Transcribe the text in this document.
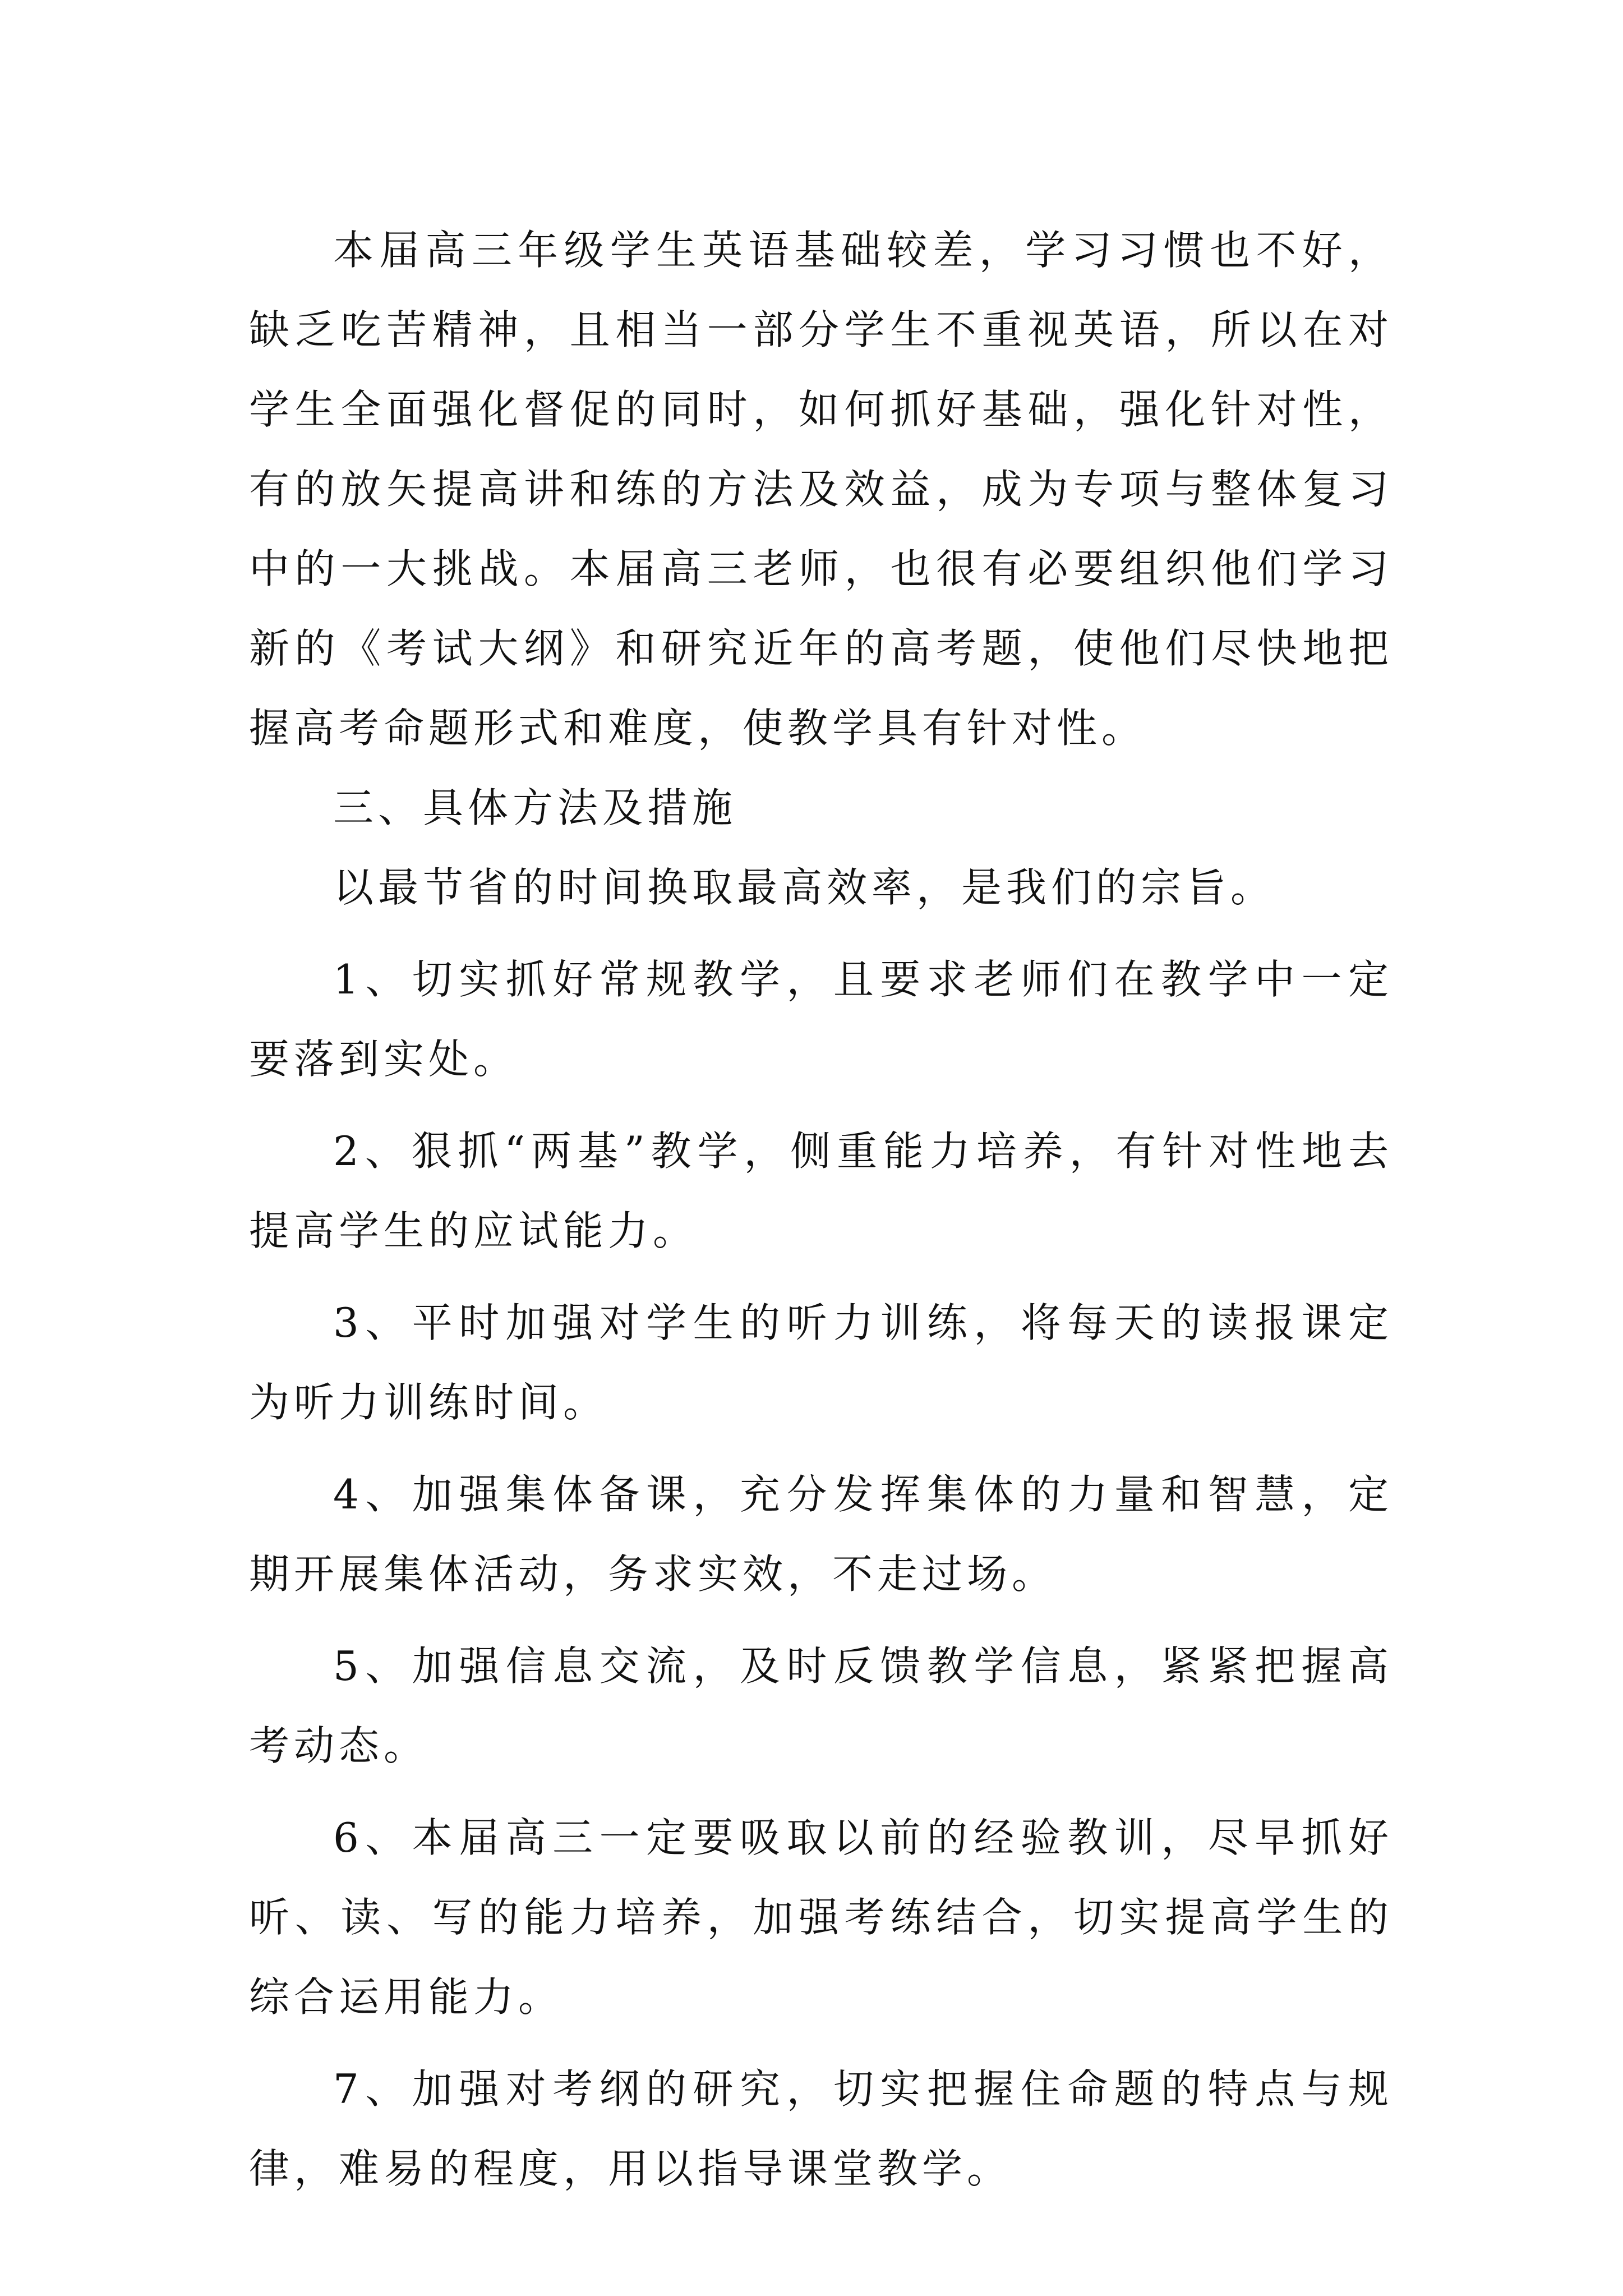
本届高三年级学生英语基础较差，学习习惯也不好，缺乏吃苦精神，且相当一部分学生不重视英语，所以在对学生全面强化督促的同时，如何抓好基础，强化针对性，有的放矢提高讲和练的方法及效益，成为专项与整体复习中的一大挑战。本届高三老师，也很有必要组织他们学习新的《考试大纲》和研究近年的高考题，使他们尽快地把握高考命题形式和难度，使教学具有针对性。

三、具体方法及措施

以最节省的时间换取最高效率，是我们的宗旨。

1、切实抓好常规教学，且要求老师们在教学中一定要落到实处。

2、狠抓“两基”教学，侧重能力培养，有针对性地去提高学生的应试能力。

3、平时加强对学生的听力训练，将每天的读报课定为听力训练时间。

4、加强集体备课，充分发挥集体的力量和智慧，定期开展集体活动，务求实效，不走过场。

5、加强信息交流，及时反馈教学信息，紧紧把握高考动态。

6、本届高三一定要吸取以前的经验教训，尽早抓好听、读、写的能力培养，加强考练结合，切实提高学生的综合运用能力。

7、加强对考纲的研究，切实把握住命题的特点与规律，难易的程度，用以指导课堂教学。
